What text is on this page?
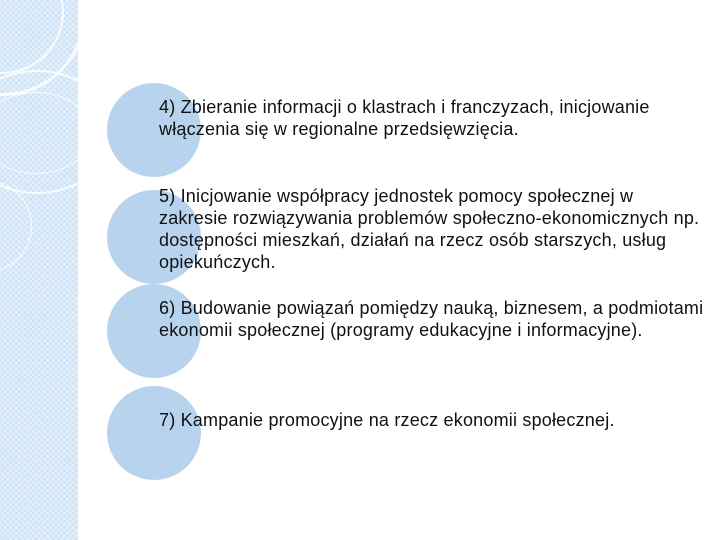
4) Zbieranie informacji o klastrach i franczyzach, inicjowanie włączenia się w regionalne przedsięwzięcia.
5) Inicjowanie współpracy jednostek pomocy społecznej w zakresie rozwiązywania problemów społeczno-ekonomicznych np. dostępności mieszkań, działań na rzecz osób starszych, usług opiekuńczych.
6) Budowanie powiązań pomiędzy nauką, biznesem, a podmiotami ekonomii społecznej (programy edukacyjne i informacyjne).
7) Kampanie promocyjne na rzecz ekonomii społecznej.
